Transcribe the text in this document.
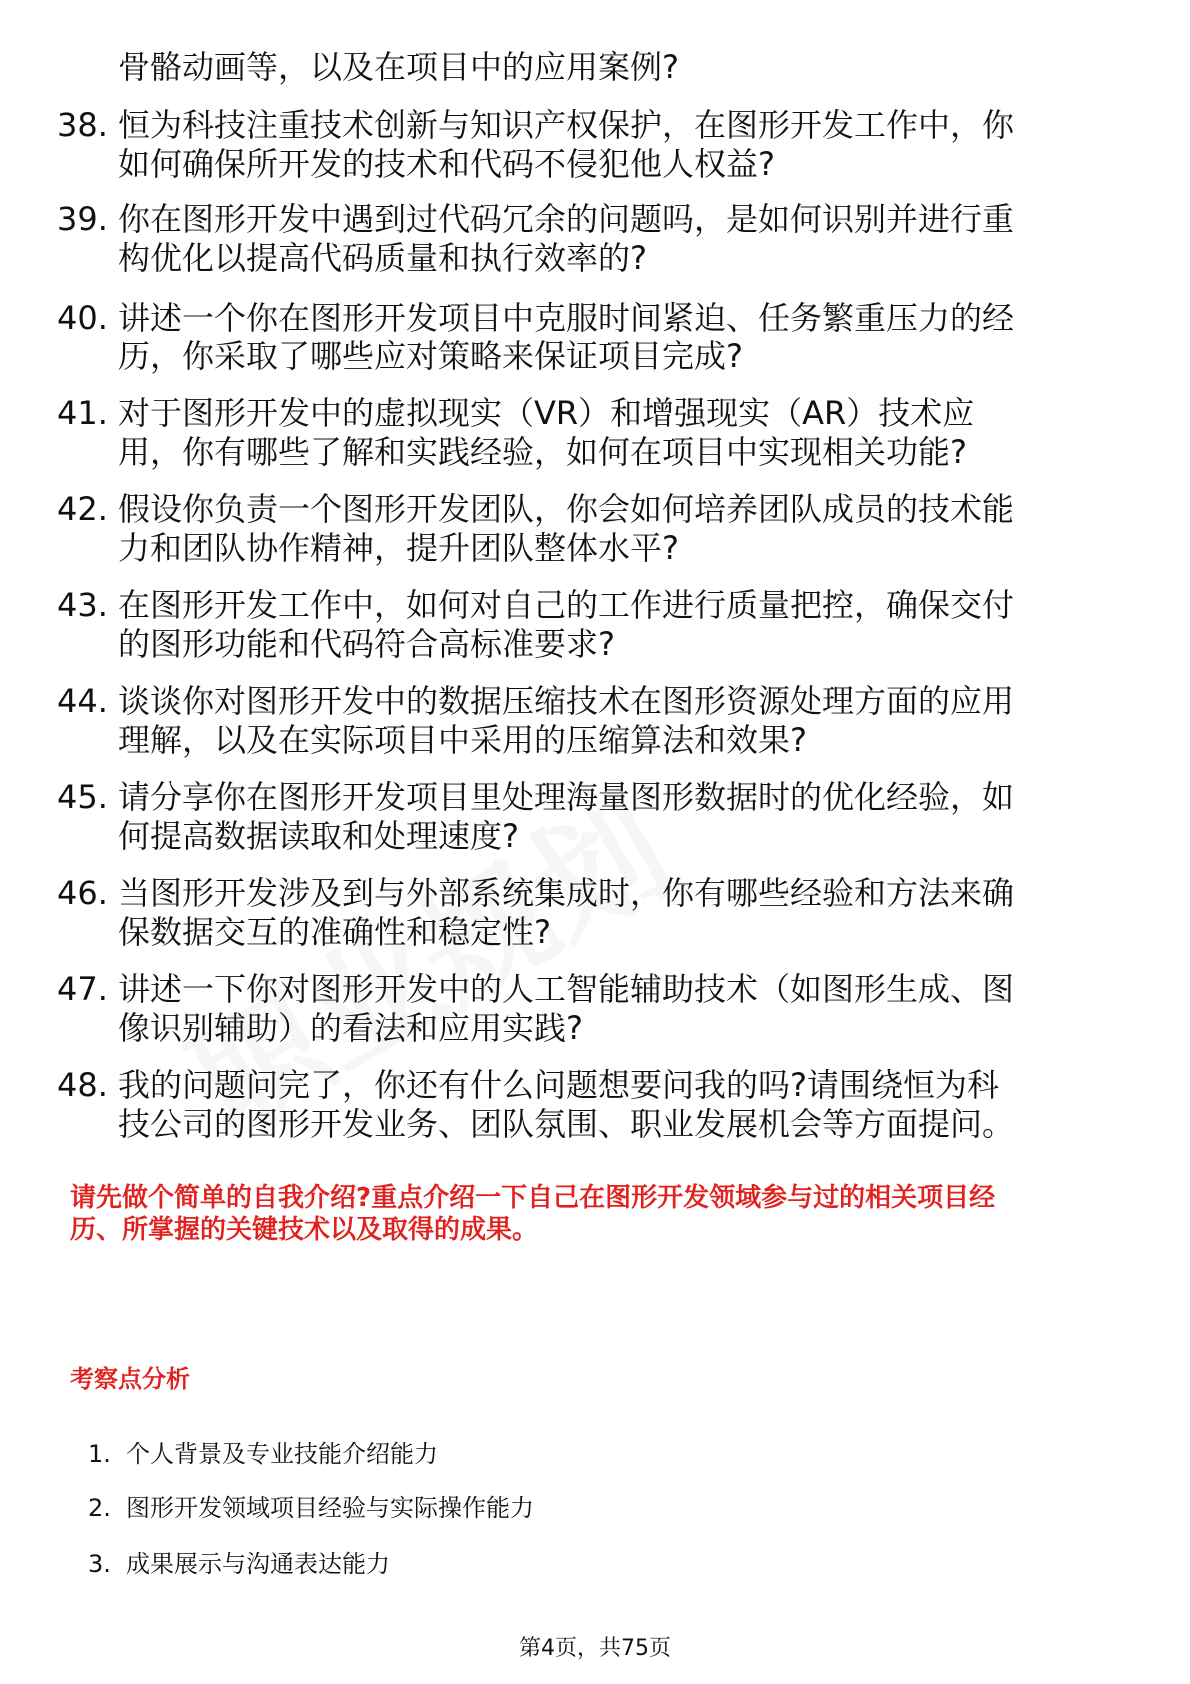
骨骼动画等，以及在项目中的应用案例?
38. 恒为科技注重技术创新与知识产权保护，在图形开发工作中，你
如何确保所开发的技术和代码不侵犯他人权益?
39. 你在图形开发中遇到过代码冗余的问题吗，是如何识别并进行重
构优化以提高代码质量和执行效率的?
40. 讲述一个你在图形开发项目中克服时间紧迫、任务繁重压力的经
历，你采取了哪些应对策略来保证项目完成?
41. 对于图形开发中的虚拟现实（VR）和增强现实（AR）技术应
用，你有哪些了解和实践经验，如何在项目中实现相关功能?
42. 假设你负责一个图形开发团队，你会如何培养团队成员的技术能
力和团队协作精神，提升团队整体水平?
43. 在图形开发工作中，如何对自己的工作进行质量把控，确保交付
的图形功能和代码符合高标准要求?
44. 谈谈你对图形开发中的数据压缩技术在图形资源处理方面的应用
理解，以及在实际项目中采用的压缩算法和效果?
45. 请分享你在图形开发项目里处理海量图形数据时的优化经验，如
何提高数据读取和处理速度?
46. 当图形开发涉及到与外部系统集成时，你有哪些经验和方法来确
保数据交互的准确性和稳定性?
47. 讲述一下你对图形开发中的人工智能辅助技术（如图形生成、图
像识别辅助）的看法和应用实践?
48. 我的问题问完了，你还有什么问题想要问我的吗?请围绕恒为科
技公司的图形开发业务、团队氛围、职业发展机会等方面提问。
请先做个简单的自我介绍?重点介绍一下自己在图形开发领域参与过的相关项目经
历、所掌握的关键技术以及取得的成果。
考察点分析
1. 个人背景及专业技能介绍能力
2. 图形开发领域项目经验与实际操作能力
3. 成果展示与沟通表达能力
第4页，共75页
